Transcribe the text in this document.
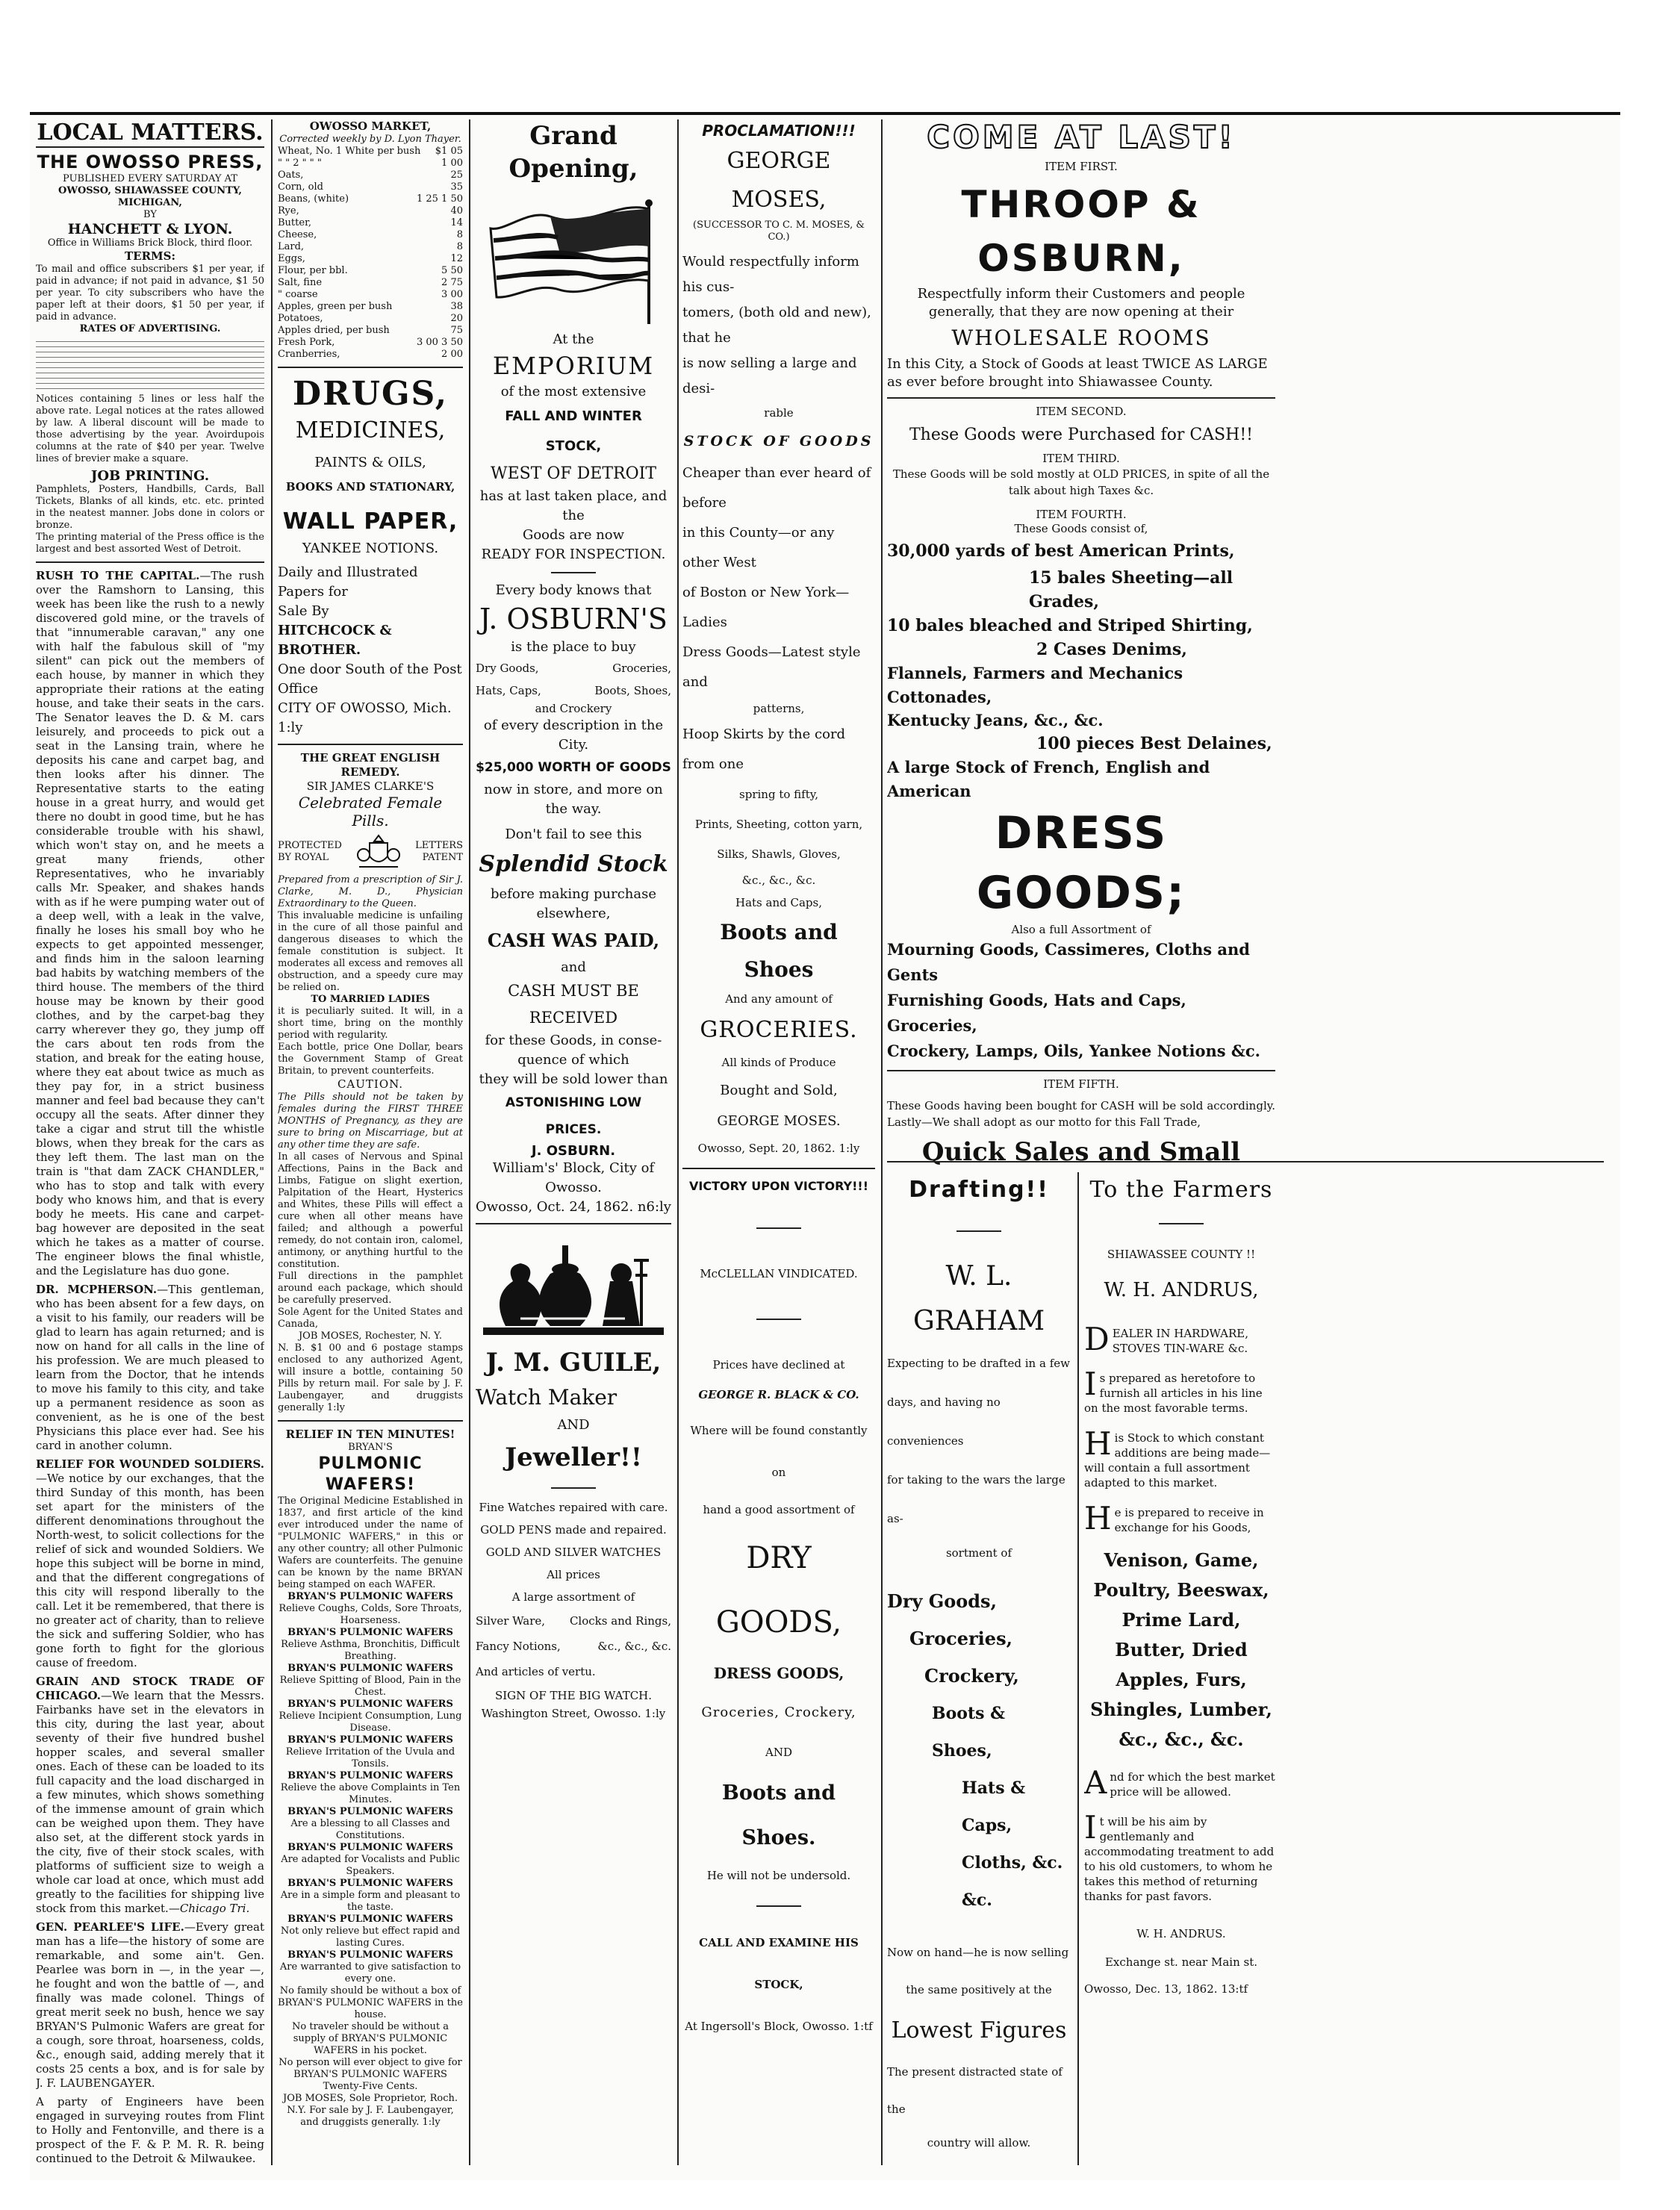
LOCAL MATTERS.
THE OWOSSO PRESS,
PUBLISHED EVERY SATURDAY AT
OWOSSO, SHIAWASSEE COUNTY, MICHIGAN,
BY
HANCHETT & LYON.
Office in Williams Brick Block, third floor.
TERMS:
To mail and office subscribers $1 per year, if paid in advance; if not paid in advance, $1 50 per year. To city subscribers who have the paper left at their doors, $1 50 per year, if paid in advance.
RATES OF ADVERTISING.
Notices containing 5 lines or less half the above rate. Legal notices at the rates allowed by law. A liberal discount will be made to those advertising by the year. Avoirdupois columns at the rate of $40 per year. Twelve lines of brevier make a square.
JOB PRINTING.
Pamphlets, Posters, Handbills, Cards, Ball Tickets, Blanks of all kinds, etc. etc. printed in the neatest manner. Jobs done in colors or bronze.
The printing material of the Press office is the largest and best assorted West of Detroit.
RUSH TO THE CAPITAL.—The rush over the Ramshorn to Lansing, this week has been like the rush to a newly discovered gold mine, or the travels of that "innumerable caravan," any one with half the fabulous skill of "my silent" can pick out the members of each house, by manner in which they appropriate their rations at the eating house, and take their seats in the cars. The Senator leaves the D. & M. cars leisurely, and proceeds to pick out a seat in the Lansing train, where he deposits his cane and carpet bag, and then looks after his dinner. The Representative starts to the eating house in a great hurry, and would get there no doubt in good time, but he has considerable trouble with his shawl, which won't stay on, and he meets a great many friends, other Representatives, who he invariably calls Mr. Speaker, and shakes hands with as if he were pumping water out of a deep well, with a leak in the valve, finally he loses his small boy who he expects to get appointed messenger, and finds him in the saloon learning bad habits by watching members of the third house. The members of the third house may be known by their good clothes, and by the carpet-bag they carry wherever they go, they jump off the cars about ten rods from the station, and break for the eating house, where they eat about twice as much as they pay for, in a strict business manner and feel bad because they can't occupy all the seats. After dinner they take a cigar and strut till the whistle blows, when they break for the cars as they left them. The last man on the train is "that dam ZACK CHANDLER," who has to stop and talk with every body who knows him, and that is every body he meets. His cane and carpet-bag however are deposited in the seat which he takes as a matter of course. The engineer blows the final whistle, and the Legislature has duo gone.
DR. MCPHERSON.—This gentleman, who has been absent for a few days, on a visit to his family, our readers will be glad to learn has again returned; and is now on hand for all calls in the line of his profession. We are much pleased to learn from the Doctor, that he intends to move his family to this city, and take up a permanent residence as soon as convenient, as he is one of the best Physicians this place ever had. See his card in another column.
RELIEF FOR WOUNDED SOLDIERS.—We notice by our exchanges, that the third Sunday of this month, has been set apart for the ministers of the different denominations throughout the North-west, to solicit collections for the relief of sick and wounded Soldiers. We hope this subject will be borne in mind, and that the different congregations of this city will respond liberally to the call. Let it be remembered, that there is no greater act of charity, than to relieve the sick and suffering Soldier, who has gone forth to fight for the glorious cause of freedom.
GRAIN AND STOCK TRADE OF CHICAGO.—We learn that the Messrs. Fairbanks have set in the elevators in this city, during the last year, about seventy of their five hundred bushel hopper scales, and several smaller ones. Each of these can be loaded to its full capacity and the load discharged in a few minutes, which shows something of the immense amount of grain which can be weighed upon them. They have also set, at the different stock yards in the city, five of their stock scales, with platforms of sufficient size to weigh a whole car load at once, which must add greatly to the facilities for shipping live stock from this market.—Chicago Tri.
GEN. PEARLEE'S LIFE.—Every great man has a life—the history of some are remarkable, and some ain't. Gen. Pearlee was born in —, in the year —, he fought and won the battle of —, and finally was made colonel. Things of great merit seek no bush, hence we say BRYAN'S Pulmonic Wafers are great for a cough, sore throat, hoarseness, colds, &c., enough said, adding merely that it costs 25 cents a box, and is for sale by J. F. LAUBENGAYER.
A party of Engineers have been engaged in surveying routes from Flint to Holly and Fentonville, and there is a prospect of the F. & P. M. R. R. being continued to the Detroit & Milwaukee.
OWOSSO MARKET,
Corrected weekly by D. Lyon Thayer.
Wheat, No. 1 White per bush $1 05
" " 2 " " "	1 00
Oats,	25
Corn, old	35
Beans, (white)	1 25 1 50
Rye,	40
Butter,	14
Cheese,	8
Lard,	8
Eggs,	12
Flour, per bbl.	5 50
Salt, fine	2 75
" coarse	3 00
Apples, green per bush	38
Potatoes,	20
Apples dried, per bush	75
Fresh Pork,	3 00 3 50
Cranberries,	2 00
DRUGS,
MEDICINES,
PAINTS & OILS,
BOOKS AND STATIONARY,
WALL PAPER,
YANKEE NOTIONS.
Daily and Illustrated Papers for
Sale By
HITCHCOCK & BROTHER.
One door South of the Post Office
CITY OF OWOSSO, Mich. 1:ly
THE GREAT ENGLISH REMEDY.
SIR JAMES CLARKE'S
Celebrated Female Pills.
PROTECTED
BY ROYAL
LETTERS
PATENT
Prepared from a prescription of Sir J. Clarke, M. D., Physician Extraordinary to the Queen.
This invaluable medicine is unfailing in the cure of all those painful and dangerous diseases to which the female constitution is subject. It moderates all excess and removes all obstruction, and a speedy cure may be relied on.
TO MARRIED LADIES
it is peculiarly suited. It will, in a short time, bring on the monthly period with regularity.
Each bottle, price One Dollar, bears the Government Stamp of Great Britain, to prevent counterfeits.
CAUTION.
The Pills should not be taken by females during the FIRST THREE MONTHS of Pregnancy, as they are sure to bring on Miscarriage, but at any other time they are safe.
In all cases of Nervous and Spinal Affections, Pains in the Back and Limbs, Fatigue on slight exertion, Palpitation of the Heart, Hysterics and Whites, these Pills will effect a cure when all other means have failed; and although a powerful remedy, do not contain iron, calomel, antimony, or anything hurtful to the constitution.
Full directions in the pamphlet around each package, which should be carefully preserved.
Sole Agent for the United States and Canada,
JOB MOSES, Rochester, N. Y.
N. B. $1 00 and 6 postage stamps enclosed to any authorized Agent, will insure a bottle, containing 50 Pills by return mail. For sale by J. F. Laubengayer, and druggists generally 1:ly
RELIEF IN TEN MINUTES!
BRYAN'S
PULMONIC WAFERS!
The Original Medicine Established in 1837, and first article of the kind ever introduced under the name of "PULMONIC WAFERS," in this or any other country; all other Pulmonic Wafers are counterfeits. The genuine can be known by the name BRYAN being stamped on each WAFER.
BRYAN'S PULMONIC WAFERS
Relieve Coughs, Colds, Sore Throats, Hoarseness.
BRYAN'S PULMONIC WAFERS
Relieve Asthma, Bronchitis, Difficult Breathing.
BRYAN'S PULMONIC WAFERS
Relieve Spitting of Blood, Pain in the Chest.
BRYAN'S PULMONIC WAFERS
Relieve Incipient Consumption, Lung Disease.
BRYAN'S PULMONIC WAFERS
Relieve Irritation of the Uvula and Tonsils.
BRYAN'S PULMONIC WAFERS
Relieve the above Complaints in Ten Minutes.
BRYAN'S PULMONIC WAFERS
Are a blessing to all Classes and Constitutions.
BRYAN'S PULMONIC WAFERS
Are adapted for Vocalists and Public Speakers.
BRYAN'S PULMONIC WAFERS
Are in a simple form and pleasant to the taste.
BRYAN'S PULMONIC WAFERS
Not only relieve but effect rapid and lasting Cures.
BRYAN'S PULMONIC WAFERS
Are warranted to give satisfaction to every one.
No family should be without a box of BRYAN'S PULMONIC WAFERS in the house.
No traveler should be without a supply of BRYAN'S PULMONIC WAFERS in his pocket.
No person will ever object to give for BRYAN'S PULMONIC WAFERS Twenty-Five Cents.
JOB MOSES, Sole Proprietor, Roch. N.Y. For sale by J. F. Laubengayer, and druggists generally. 1:ly
Grand Opening,
At the
EMPORIUM
of the most extensive
FALL AND WINTER STOCK,
WEST OF DETROIT
has at last taken place, and the
Goods are now
READY FOR INSPECTION.
Every body knows that
J. OSBURN'S
is the place to buy
Dry Goods,	Groceries,
Hats, Caps,	Boots, Shoes,
and Crockery
of every description in the City.
$25,000 WORTH OF GOODS
now in store, and more on the way.
Don't fail to see this
Splendid Stock
before making purchase elsewhere,
CASH WAS PAID,
and
CASH MUST BE RECEIVED
for these Goods, in conse-
quence of which
they will be sold lower than
ASTONISHING LOW PRICES.
J. OSBURN.
William's' Block, City of Owosso.
Owosso, Oct. 24, 1862. n6:ly
J. M. GUILE,
Watch Maker
AND
Jeweller!!
Fine Watches repaired with care.
GOLD PENS made and repaired.
GOLD AND SILVER WATCHES
All prices
A large assortment of
Silver Ware, Clocks and Rings,
Fancy Notions,	&c., &c., &c.
And articles of vertu.
SIGN OF THE BIG WATCH.
Washington Street, Owosso. 1:ly
PROCLAMATION!!!
GEORGE MOSES,
(SUCCESSOR TO C. M. MOSES, & CO.)
Would respectfully inform his cus-
tomers, (both old and new), that he
is now selling a large and desi-
rable
STOCK OF GOODS
Cheaper than ever heard of before
in this County—or any other West
of Boston or New York—Ladies
Dress Goods—Latest style and
patterns,
Hoop Skirts by the cord from one
spring to fifty,
Prints, Sheeting, cotton yarn,
Silks, Shawls, Gloves,
&c., &c., &c.
Hats and Caps,
Boots and Shoes
And any amount of
GROCERIES.
All kinds of Produce
Bought and Sold,
GEORGE MOSES.
Owosso, Sept. 20, 1862. 1:ly
VICTORY UPON VICTORY!!!
McCLELLAN VINDICATED.
Prices have declined at
GEORGE R. BLACK & CO.
Where will be found constantly on
hand a good assortment of
DRY GOODS,
DRESS GOODS,
Groceries, Crockery,
AND
Boots and Shoes.
He will not be undersold.
CALL AND EXAMINE HIS STOCK,
At Ingersoll's Block, Owosso. 1:tf
COME AT LAST!
ITEM FIRST.
THROOP & OSBURN,
Respectfully inform their Customers and people generally, that they are now opening at their
WHOLESALE ROOMS
In this City, a Stock of Goods at least TWICE AS LARGE as ever before brought into Shiawassee County.
ITEM SECOND.
These Goods were Purchased for CASH!!
ITEM THIRD.
These Goods will be sold mostly at OLD PRICES, in spite of all the talk about high Taxes &c.
ITEM FOURTH.
These Goods consist of,
30,000 yards of best American Prints,
15 bales Sheeting—all Grades,
10 bales bleached and Striped Shirting,
2 Cases Denims,
Flannels, Farmers and Mechanics Cottonades,
Kentucky Jeans, &c., &c.
100 pieces Best Delaines,
A large Stock of French, English and American
DRESS GOODS;
Also a full Assortment of
Mourning Goods, Cassimeres, Cloths and Gents
Furnishing Goods, Hats and Caps, Groceries,
Crockery, Lamps, Oils, Yankee Notions &c.
ITEM FIFTH.
These Goods having been bought for CASH will be sold accordingly. Lastly—We shall adopt as our motto for this Fall Trade,
Quick Sales and Small
Drafting!!
W. L. GRAHAM
Expecting to be drafted in a few
days, and having no conveniences
for taking to the wars the large as-
sortment of
Dry Goods,
Groceries,
Crockery,
Boots & Shoes,
Hats & Caps,
Cloths, &c. &c.
Now on hand—he is now selling
the same positively at the
Lowest Figures
The present distracted state of the
country will allow.
To the Farmers
SHIAWASSEE COUNTY !!
W. H. ANDRUS,
DEALER IN HARDWARE, STOVES TIN-WARE &c.
Is prepared as heretofore to furnish all articles in his line on the most favorable terms.
His Stock to which constant additions are being made—will contain a full assortment adapted to this market.
He is prepared to receive in exchange for his Goods,
Venison, Game, Poultry, Beeswax, Prime Lard, Butter, Dried Apples, Furs, Shingles, Lumber, &c., &c., &c.
And for which the best market price will be allowed.
It will be his aim by gentlemanly and accommodating treatment to add to his old customers, to whom he takes this method of returning thanks for past favors.
W. H. ANDRUS.
Exchange st. near Main st.
Owosso, Dec. 13, 1862. 13:tf
